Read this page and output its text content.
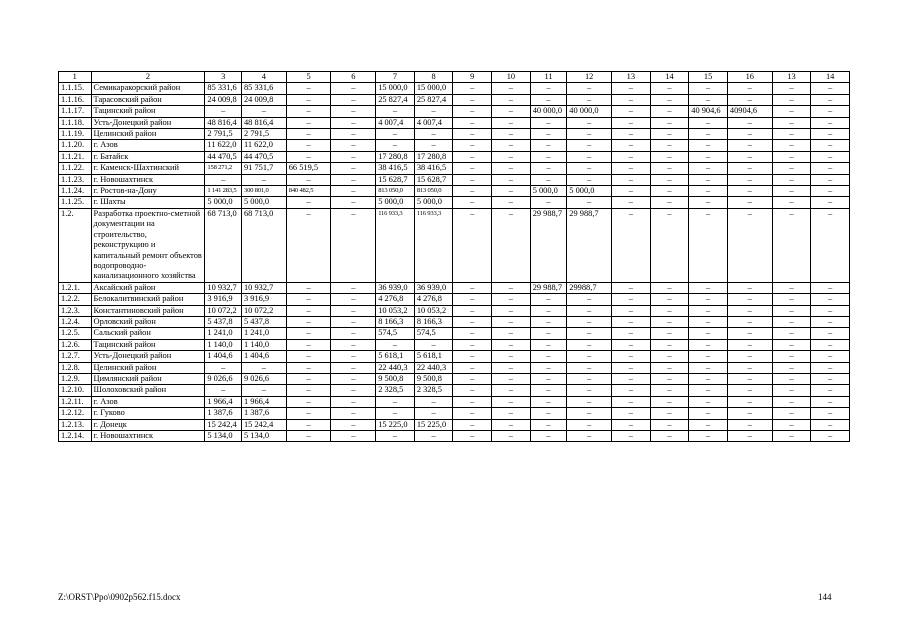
1	2	3	4	5	6	7	8	9	10	11	12	13	14	15	16	13	14
1.1.15.	Семикаракорский район	85 331,6	85 331,6	–	–	15 000,0	15 000,0	–	–	–	–	–	–	–	–	–	–
1.1.16.	Тарасовский район	24 009,8	24 009,8	–	–	25 827,4	25 827,4	–	–	–	–	–	–	–	–	–	–
1.1.17.	Тацинский район	–	–	–	–	–	–	–	–	40 000,0	40 000,0	–	–	40 904,6	40904,6	–	–
1.1.18.	Усть-Донецкий район	48 816,4	48 816,4	–	–	4 007,4	4 007,4	–	–	–	–	–	–	–	–	–	–
1.1.19.	Целинский район	2 791,5	2 791,5	–	–	–	–	–	–	–	–	–	–	–	–	–	–
1.1.20.	г. Азов	11 622,0	11 622,0	–	–	–	–	–	–	–	–	–	–	–	–	–	–
1.1.21.	г. Батайск	44 470,5	44 470,5	–	–	17 280,8	17 280,8	–	–	–	–	–	–	–	–	–	–
1.1.22.	г. Каменск-Шахтинский	158 271,2	91 751,7	66 519,5	–	38 416,5	38 416,5	–	–	–	–	–	–	–	–	–	–
1.1.23.	г. Новошахтинск	–	–	–	–	15 628,7	15 628,7	–	–	–	–	–	–	–	–	–	–
1.1.24.	г. Ростов-на-Дону	1 141 283,5	300 801,0	840 482,5	–	813 050,0	813 050,0	–	–	5 000,0	5 000,0	–	–	–	–	–	–
1.1.25.	г. Шахты	5 000,0	5 000,0	–	–	5 000,0	5 000,0	–	–	–	–	–	–	–	–	–	–
1.2.	Разработка проектно-сметной документации на строительство, реконструкцию и капитальный ремонт объектов водопроводно-канализационного хозяйства	68 713,0	68 713,0	–	–	116 933,3	116 933,3	–	–	29 988,7	29 988,7	–	–	–	–	–	–
1.2.1.	Аксайский район	10 932,7	10 932,7	–	–	36 939,0	36 939,0	–	–	29 988,7	29988,7	–	–	–	–	–	–
1.2.2.	Белокалитвинский район	3 916,9	3 916,9	–	–	4 276,8	4 276,8	–	–	–	–	–	–	–	–	–	–
1.2.3.	Константиновский район	10 072,2	10 072,2	–	–	10 053,2	10 053,2	–	–	–	–	–	–	–	–	–	–
1.2.4.	Орловский район	5 437,8	5 437,8	–	–	8 166,3	8 166,3	–	–	–	–	–	–	–	–	–	–
1.2.5.	Сальский район	1 241,0	1 241,0	–	–	574,5	574,5	–	–	–	–	–	–	–	–	–	–
1.2.6.	Тацинский район	1 140,0	1 140,0	–	–	–	–	–	–	–	–	–	–	–	–	–	–
1.2.7.	Усть-Донецкий район	1 404,6	1 404,6	–	–	5 618,1	5 618,1	–	–	–	–	–	–	–	–	–	–
1.2.8.	Целинский район	–	–	–	–	22 440,3	22 440,3	–	–	–	–	–	–	–	–	–	–
1.2.9.	Цимлянский район	9 026,6	9 026,6	–	–	9 500,8	9 500,8	–	–	–	–	–	–	–	–	–	–
1.2.10.	Шолоховский район	–	–	–	–	2 328,5	2 328,5	–	–	–	–	–	–	–	–	–	–
1.2.11.	г. Азов	1 966,4	1 966,4	–	–	–	–	–	–	–	–	–	–	–	–	–	–
1.2.12.	г. Гуково	1 387,6	1 387,6	–	–	–	–	–	–	–	–	–	–	–	–	–	–
1.2.13.	г. Донецк	15 242,4	15 242,4	–	–	15 225,0	15 225,0	–	–	–	–	–	–	–	–	–	–
1.2.14.	г. Новошахтинск	5 134,0	5 134,0	–	–	–	–	–	–	–	–	–	–	–	–	–	–
Z:\ORST\Ppo\0902p562.f15.docx	144
